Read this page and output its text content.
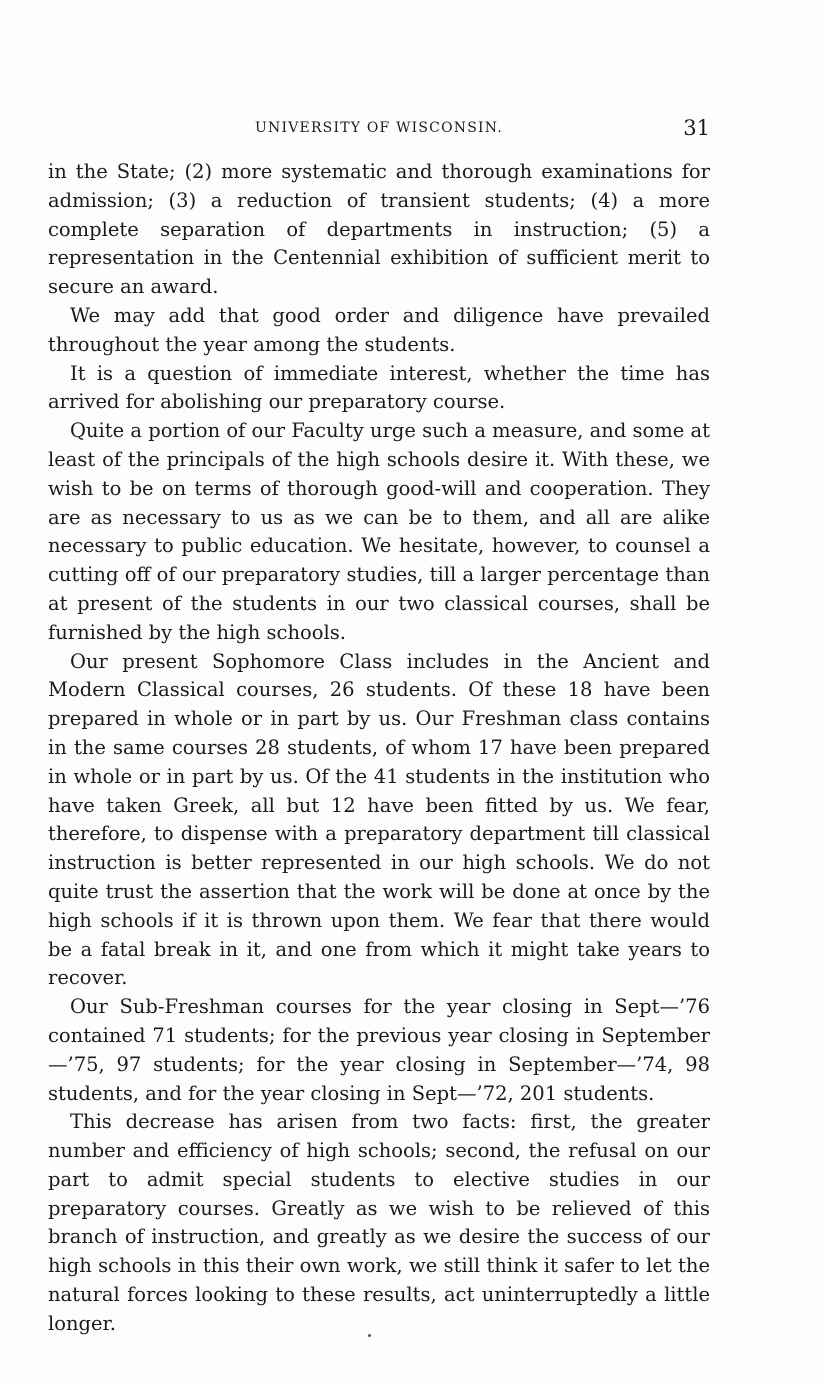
UNIVERSITY OF WISCONSIN.	31

in the State; (2) more systematic and thorough examinations for admission; (3) a reduction of transient students; (4) a more complete separation of departments in instruction; (5) a representation in the Centennial exhibition of sufficient merit to secure an award.

We may add that good order and diligence have prevailed throughout the year among the students.

It is a question of immediate interest, whether the time has arrived for abolishing our preparatory course.

Quite a portion of our Faculty urge such a measure, and some at least of the principals of the high schools desire it. With these, we wish to be on terms of thorough good-will and cooperation. They are as necessary to us as we can be to them, and all are alike necessary to public education. We hesitate, however, to counsel a cutting off of our preparatory studies, till a larger percentage than at present of the students in our two classical courses, shall be furnished by the high schools.

Our present Sophomore Class includes in the Ancient and Modern Classical courses, 26 students. Of these 18 have been prepared in whole or in part by us. Our Freshman class contains in the same courses 28 students, of whom 17 have been prepared in whole or in part by us. Of the 41 students in the institution who have taken Greek, all but 12 have been fitted by us. We fear, therefore, to dispense with a preparatory department till classical instruction is better represented in our high schools. We do not quite trust the assertion that the work will be done at once by the high schools if it is thrown upon them. We fear that there would be a fatal break in it, and one from which it might take years to recover.

Our Sub-Freshman courses for the year closing in Sept—’76 contained 71 students; for the previous year closing in September —’75, 97 students; for the year closing in September—’74, 98 students, and for the year closing in Sept—’72, 201 students.

This decrease has arisen from two facts: first, the greater number and efficiency of high schools; second, the refusal on our part to admit special students to elective studies in our preparatory courses. Greatly as we wish to be relieved of this branch of instruction, and greatly as we desire the success of our high schools in this their own work, we still think it safer to let the natural forces looking to these results, act uninterruptedly a little longer.
